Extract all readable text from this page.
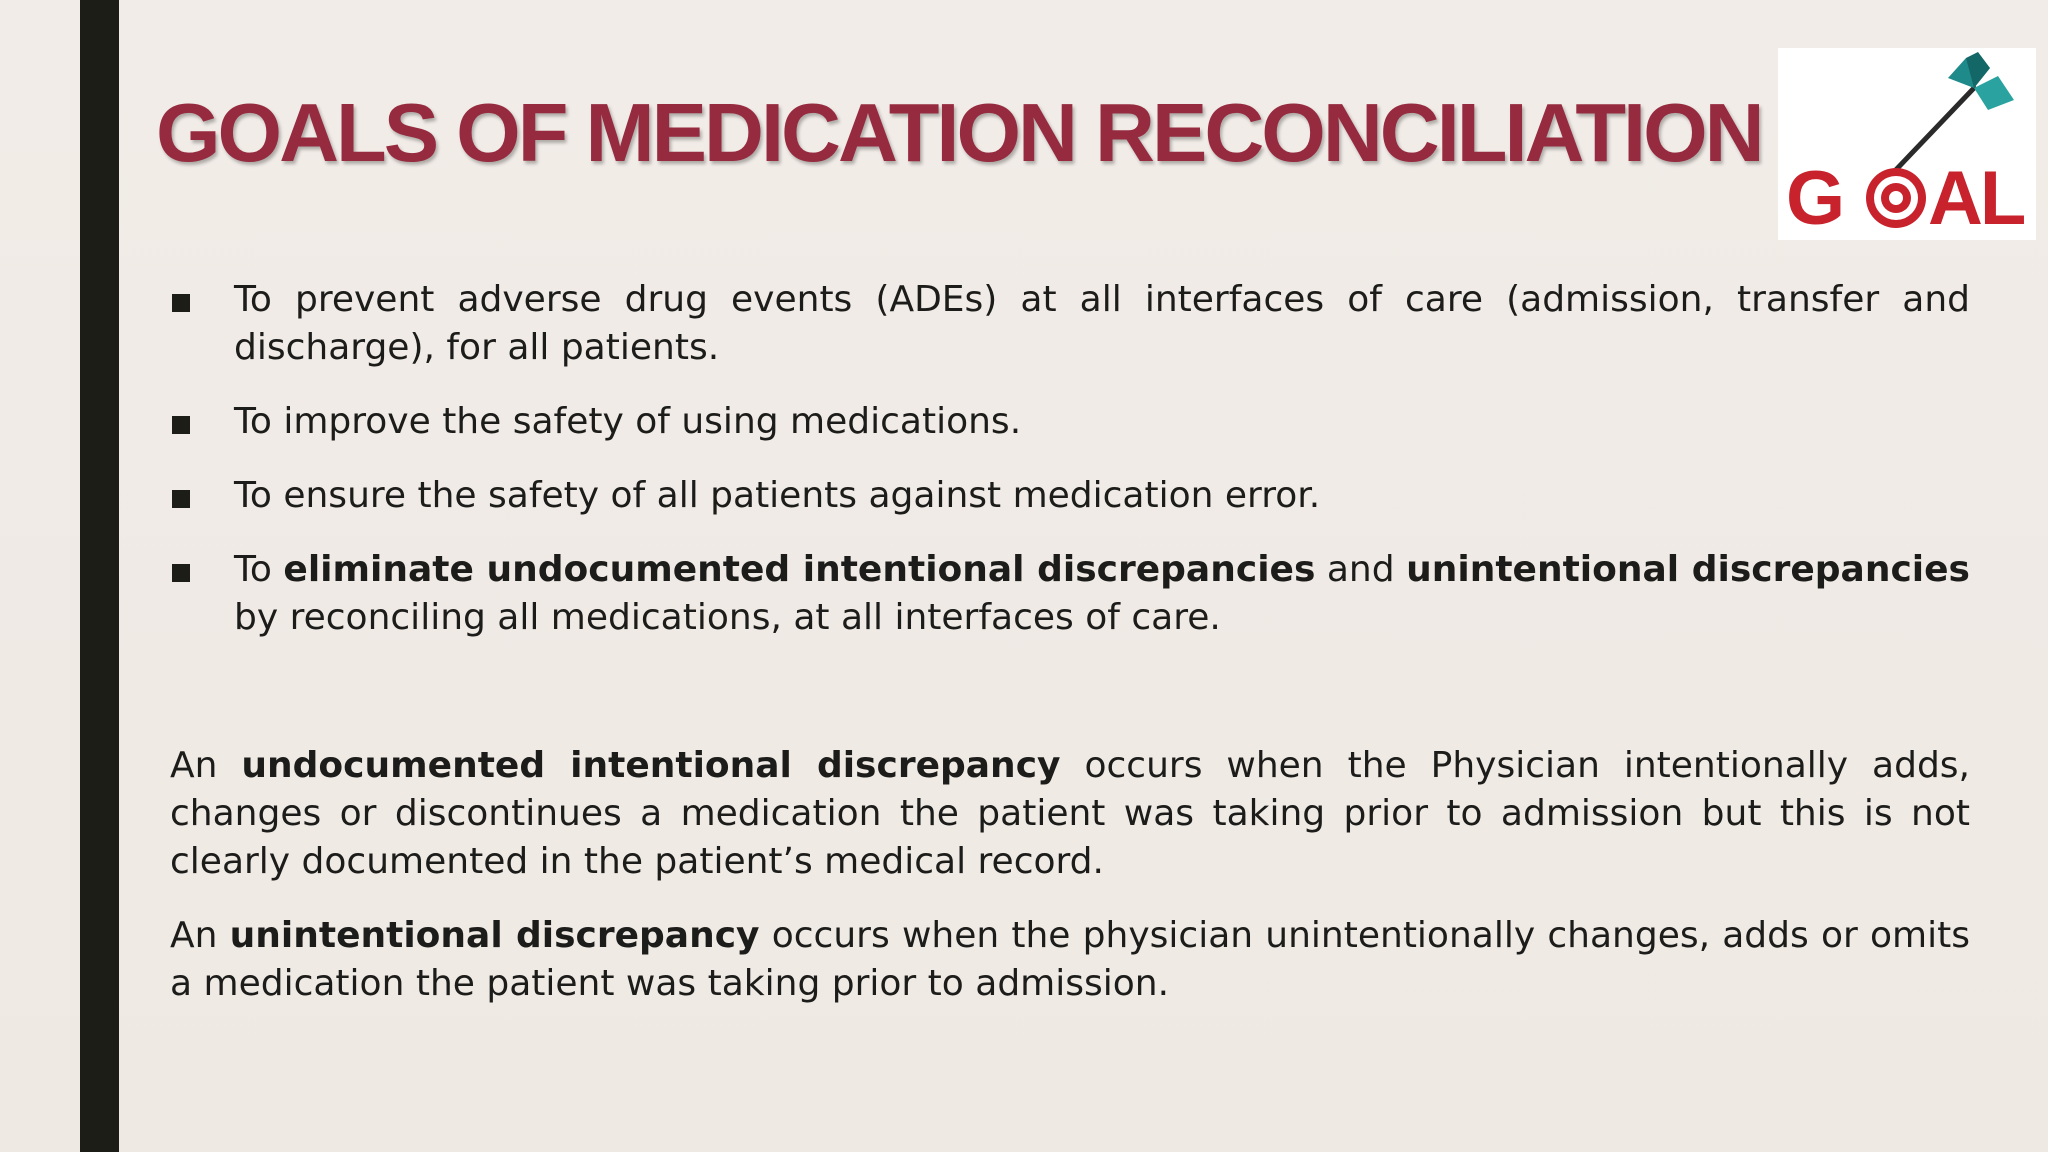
GOALS OF MEDICATION RECONCILIATION
G AL
To prevent adverse drug events (ADEs) at all interfaces of care (admission, transfer and discharge), for all patients.
To improve the safety of using medications.
To ensure the safety of all patients against medication error.
To eliminate undocumented intentional discrepancies and unintentional discrepancies by reconciling all medications, at all interfaces of care.

An undocumented intentional discrepancy occurs when the Physician intentionally adds, changes or discontinues a medication the patient was taking prior to admission but this is not clearly documented in the patient’s medical record.

An unintentional discrepancy occurs when the physician unintentionally changes, adds or omits a medication the patient was taking prior to admission.
